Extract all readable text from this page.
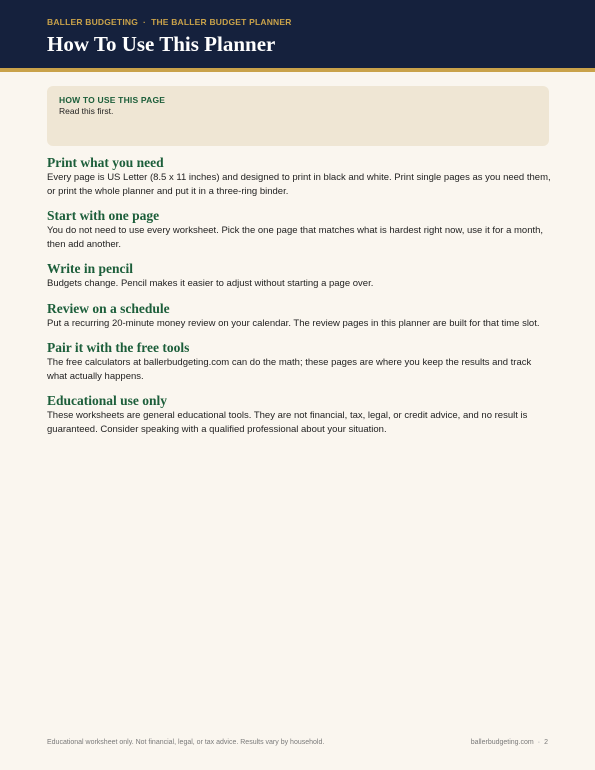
BALLER BUDGETING · THE BALLER BUDGET PLANNER
How To Use This Planner
HOW TO USE THIS PAGE
Read this first.
Print what you need
Every page is US Letter (8.5 x 11 inches) and designed to print in black and white. Print single pages as you need them, or print the whole planner and put it in a three-ring binder.
Start with one page
You do not need to use every worksheet. Pick the one page that matches what is hardest right now, use it for a month, then add another.
Write in pencil
Budgets change. Pencil makes it easier to adjust without starting a page over.
Review on a schedule
Put a recurring 20-minute money review on your calendar. The review pages in this planner are built for that time slot.
Pair it with the free tools
The free calculators at ballerbudgeting.com can do the math; these pages are where you keep the results and track what actually happens.
Educational use only
These worksheets are general educational tools. They are not financial, tax, legal, or credit advice, and no result is guaranteed. Consider speaking with a qualified professional about your situation.
Educational worksheet only. Not financial, legal, or tax advice. Results vary by household.	ballerbudgeting.com · 2
